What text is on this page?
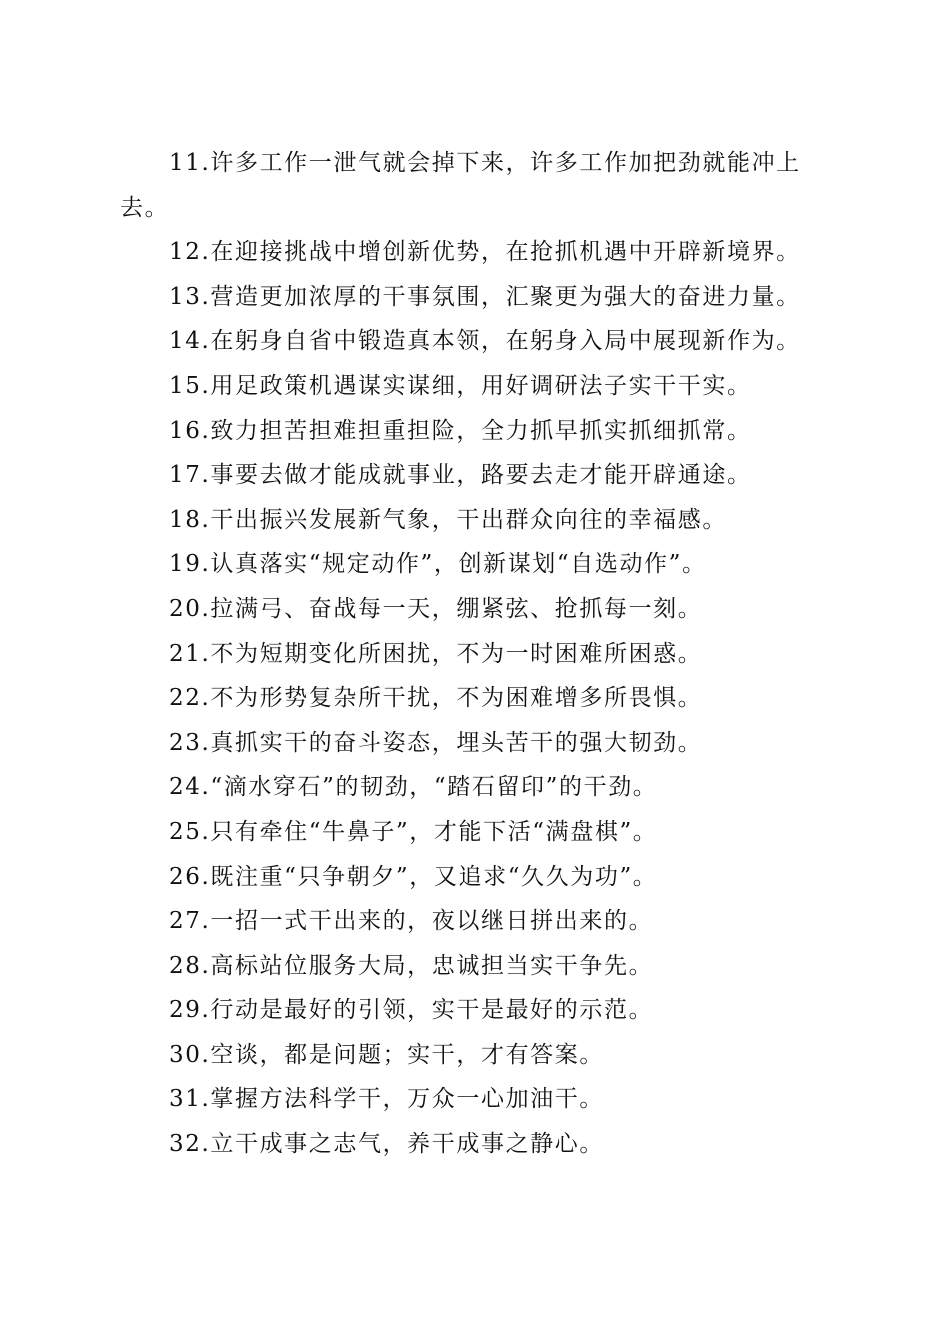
11.许多工作一泄气就会掉下来，许多工作加把劲就能冲上去。

12.在迎接挑战中增创新优势，在抢抓机遇中开辟新境界。

13.营造更加浓厚的干事氛围，汇聚更为强大的奋进力量。

14.在躬身自省中锻造真本领，在躬身入局中展现新作为。

15.用足政策机遇谋实谋细，用好调研法子实干干实。

16.致力担苦担难担重担险，全力抓早抓实抓细抓常。

17.事要去做才能成就事业，路要去走才能开辟通途。

18.干出振兴发展新气象，干出群众向往的幸福感。

19.认真落实“规定动作”，创新谋划“自选动作”。

20.拉满弓、奋战每一天，绷紧弦、抢抓每一刻。

21.不为短期变化所困扰，不为一时困难所困惑。

22.不为形势复杂所干扰，不为困难增多所畏惧。

23.真抓实干的奋斗姿态，埋头苦干的强大韧劲。

24.“滴水穿石”的韧劲，“踏石留印”的干劲。

25.只有牵住“牛鼻子”，才能下活“满盘棋”。

26.既注重“只争朝夕”，又追求“久久为功”。

27.一招一式干出来的，夜以继日拼出来的。

28.高标站位服务大局，忠诚担当实干争先。

29.行动是最好的引领，实干是最好的示范。

30.空谈，都是问题；实干，才有答案。

31.掌握方法科学干，万众一心加油干。

32.立干成事之志气，养干成事之静心。
